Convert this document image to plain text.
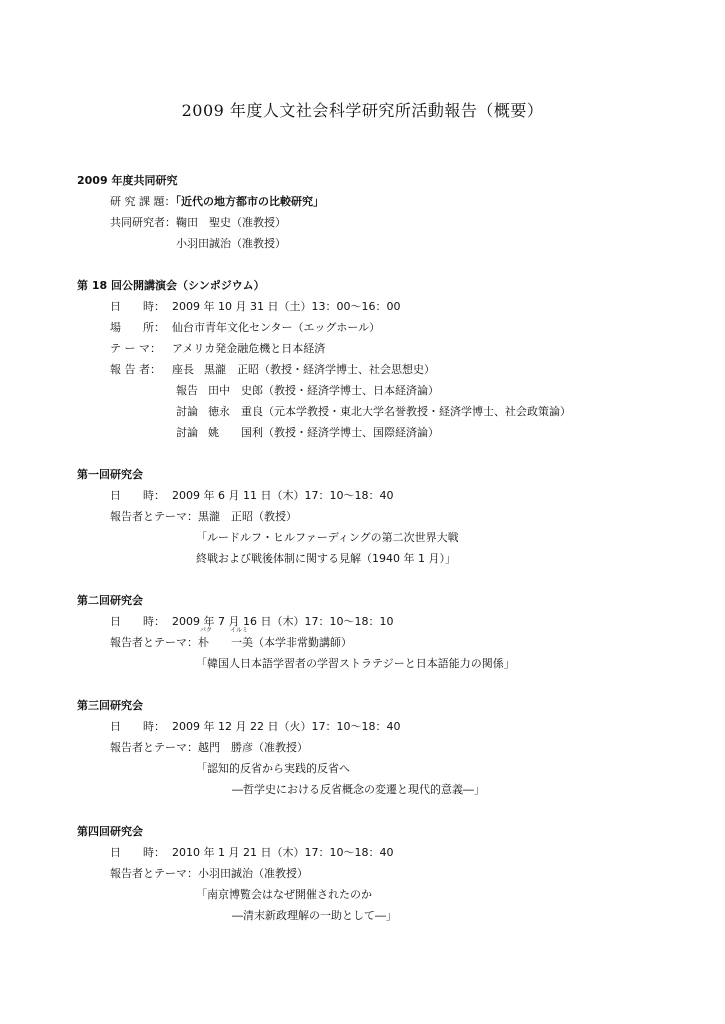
2009 年度人文社会科学研究所活動報告（概要）
2009 年度共同研究
研 究 課 題：「近代の地方都市の比較研究」
共同研究者：鞠田　聖史（准教授）
小羽田誠治（准教授）
第 18 回公開講演会（シンポジウム）
日　　時： 2009 年 10 月 31 日（土）13：00〜16：00
場　　所： 仙台市青年文化センター（エッグホール）
テ ー マ： アメリカ発金融危機と日本経済
報 告 者： 座長 黒瀧　正昭（教授・経済学博士、社会思想史）
報告 田中　史郎（教授・経済学博士、日本経済論）
討論 徳永　重良（元本学教授・東北大学名誉教授・経済学博士、社会政策論）
討論 姚　　国利（教授・経済学博士、国際経済論）
第一回研究会
日　　時： 2009 年 6 月 11 日（木）17：10〜18：40
報告者とテーマ：黒瀧　正昭（教授）
「ルードルフ・ヒルファーディングの第二次世界大戦
終戦および戦後体制に関する見解（1940 年 1 月）」
第二回研究会
日　　時： 2009 年 7 月 16 日（木）17：10〜18：10
報告者とテーマ：
パク　　　イルミ
朴　　一美（本学非常勤講師）
「韓国人日本語学習者の学習ストラテジーと日本語能力の関係」
第三回研究会
日　　時： 2009 年 12 月 22 日（火）17：10〜18：40
報告者とテーマ：越門　勝彦（准教授）
「認知的反省から実践的反省へ
―哲学史における反省概念の変遷と現代的意義―」
第四回研究会
日　　時： 2010 年 1 月 21 日（木）17：10〜18：40
報告者とテーマ：小羽田誠治（准教授）
「南京博覧会はなぜ開催されたのか
―清末新政理解の一助として―」
